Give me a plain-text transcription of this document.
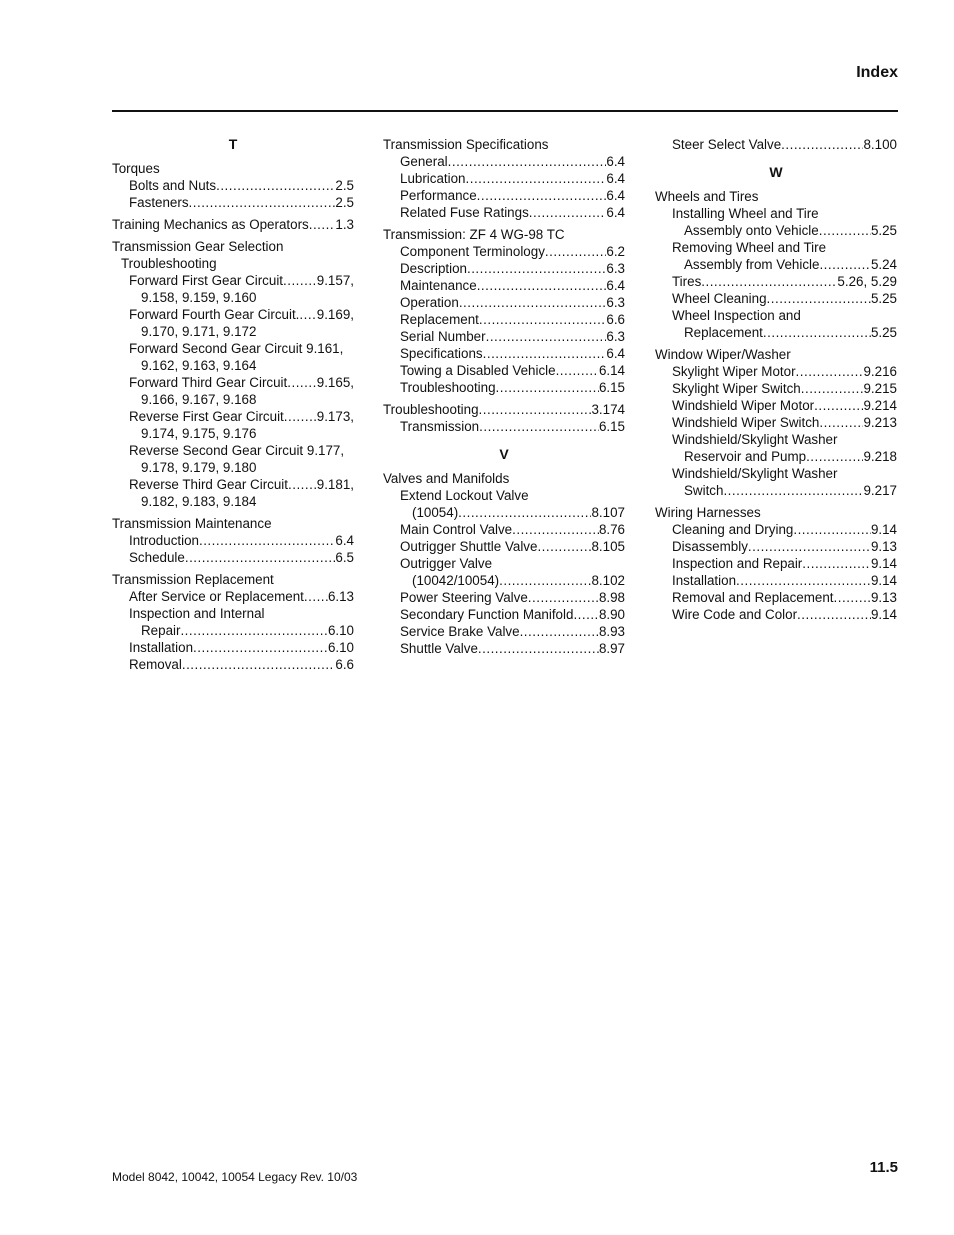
Index
T
Torques
Bolts and Nuts .....	2.5
Fasteners .....	2.5
Training Mechanics as Operators ..... 1.3
Transmission Gear Selection
Troubleshooting
Forward First Gear Circuit .....	9.157,
9.158, 9.159, 9.160
Forward Fourth Gear Circuit. ..... 9.169,
9.170, 9.171, 9.172
Forward Second Gear Circuit 9.161,
9.162, 9.163, 9.164
Forward Third Gear Circuit ..... 9.165,
9.166, 9.167, 9.168
Reverse First Gear Circuit ..... 9.173,
9.174, 9.175, 9.176
Reverse Second Gear Circuit 9.177,
9.178, 9.179, 9.180
Reverse Third Gear Circuit ..... 9.181,
9.182, 9.183, 9.184
Transmission Maintenance
Introduction .....	6.4
Schedule .....	6.5
Transmission Replacement
After Service or Replacement ..... 6.13
Inspection and Internal
Repair .....	6.10
Installation .....	6.10
Removal .....	6.6
Transmission Specifications
General .....	6.4
Lubrication .....	6.4
Performance .....	6.4
Related Fuse Ratings .....	6.4
Transmission: ZF 4 WG-98 TC
Component Terminology .....	6.2
Description .....	6.3
Maintenance .....	6.4
Operation .....	6.3
Replacement .....	6.6
Serial Number .....	6.3
Specifications .....	6.4
Towing a Disabled Vehicle .....	6.14
Troubleshooting .....	6.15
Troubleshooting .....	3.174
Transmission .....	6.15
V
Valves and Manifolds
Extend Lockout Valve
(10054) .....	8.107
Main Control Valve .....	8.76
Outrigger Shuttle Valve .....	8.105
Outrigger Valve
(10042/10054) .....	8.102
Power Steering Valve .....	8.98
Secondary Function Manifold ..... 8.90
Service Brake Valve .....	8.93
Shuttle Valve .....	8.97
Steer Select Valve .....	8.100
W
Wheels and Tires
Installing Wheel and Tire
Assembly onto Vehicle .....	5.25
Removing Wheel and Tire
Assembly from Vehicle .....	5.24
Tires .....	5.26, 5.29
Wheel Cleaning .....	5.25
Wheel Inspection and
Replacement .....	5.25
Window Wiper/Washer
Skylight Wiper Motor .....	9.216
Skylight Wiper Switch .....	9.215
Windshield Wiper Motor .....	9.214
Windshield Wiper Switch .....	9.213
Windshield/Skylight Washer
Reservoir and Pump .....	9.218
Windshield/Skylight Washer
Switch .....	9.217
Wiring Harnesses
Cleaning and Drying .....	9.14
Disassembly .....	9.13
Inspection and Repair .....	9.14
Installation .....	9.14
Removal and Replacement .....	9.13
Wire Code and Color .....	9.14
Model 8042, 10042, 10054 Legacy Rev. 10/03
11.5
